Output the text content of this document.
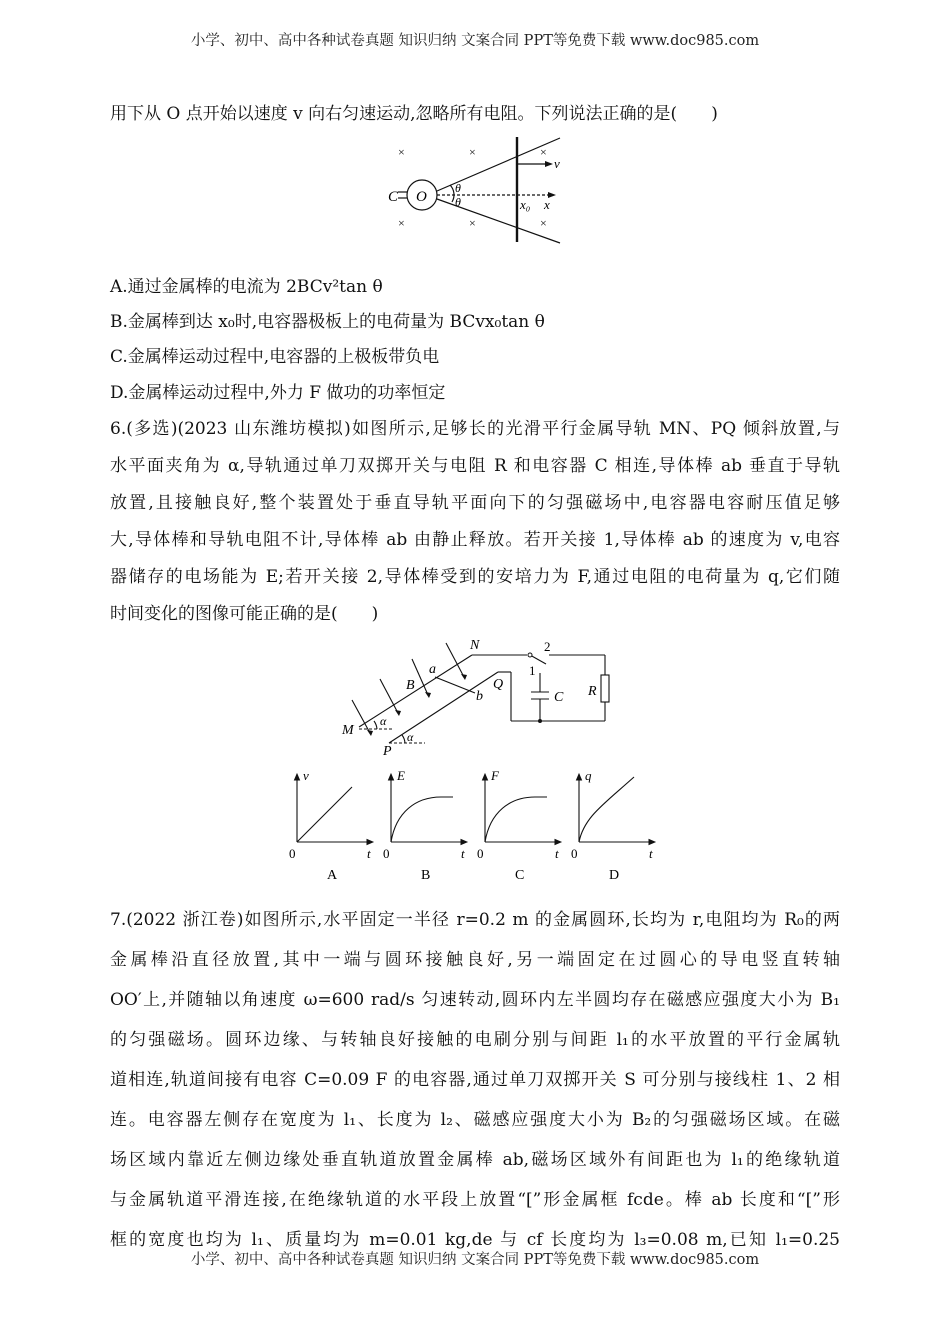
小学、初中、高中各种试卷真题 知识归纳 文案合同 PPT等免费下载 www.doc985.com
用下从 O 点开始以速度 v 向右匀速运动,忽略所有电阻。下列说法正确的是(　　)
C O
θ
θ
v
x₀ x
×	×	×
×	×	×
A.通过金属棒的电流为 2BCv²tan θ
B.金属棒到达 x₀时,电容器极板上的电荷量为 BCvx₀tan θ
C.金属棒运动过程中,电容器的上极板带负电
D.金属棒运动过程中,外力 F 做功的功率恒定
6.(多选)(2023 山东潍坊模拟)如图所示,足够长的光滑平行金属导轨 MN、PQ 倾斜放置,与
水平面夹角为 α,导轨通过单刀双掷开关与电阻 R 和电容器 C 相连,导体棒 ab 垂直于导轨
放置,且接触良好,整个装置处于垂直导轨平面向下的匀强磁场中,电容器电容耐压值足够
大,导体棒和导轨电阻不计,导体棒 ab 由静止释放。若开关接 1,导体棒 ab 的速度为 v,电容
器储存的电场能为 E;若开关接 2,导体棒受到的安培力为 F,通过电阻的电荷量为 q,它们随
时间变化的图像可能正确的是(　　)
N
M
P
Q
a
b
B
α
α
C R
1
2
v
t
0
A
E
t
0
B
F
t
0
C
q
t
0
D
7.(2022 浙江卷)如图所示,水平固定一半径 r=0.2 m 的金属圆环,长均为 r,电阻均为 R₀的两
金属棒沿直径放置,其中一端与圆环接触良好,另一端固定在过圆心的导电竖直转轴
OO′上,并随轴以角速度 ω=600 rad/s 匀速转动,圆环内左半圆均存在磁感应强度大小为 B₁
的匀强磁场。圆环边缘、与转轴良好接触的电刷分别与间距 l₁的水平放置的平行金属轨
道相连,轨道间接有电容 C=0.09 F 的电容器,通过单刀双掷开关 S 可分别与接线柱 1、2 相
连。电容器左侧存在宽度为 l₁、长度为 l₂、磁感应强度大小为 B₂的匀强磁场区域。在磁
场区域内靠近左侧边缘处垂直轨道放置金属棒 ab,磁场区域外有间距也为 l₁的绝缘轨道
与金属轨道平滑连接,在绝缘轨道的水平段上放置“[”形金属框 fcde。棒 ab 长度和“[”形
框的宽度也均为 l₁、质量均为 m=0.01 kg,de 与 cf 长度均为 l₃=0.08 m,已知 l₁=0.25
小学、初中、高中各种试卷真题 知识归纳 文案合同 PPT等免费下载 www.doc985.com
